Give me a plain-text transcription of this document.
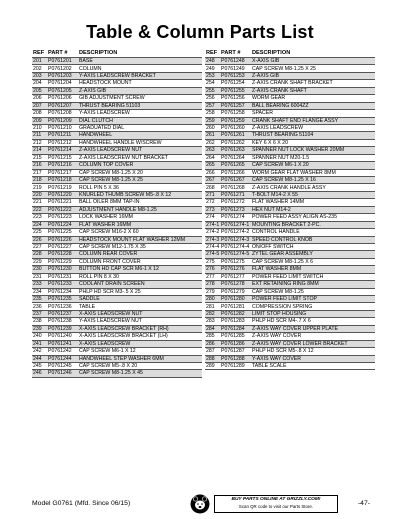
Table & Column Parts List
REF	PART #	DESCRIPTION
201	P0761201	BASE
202	P0761202	COLUMN
203	P0761203	Y-AXIS LEADSCREW BRACKET
204	P0761204	HEADSTOCK MOUNT
205	P0761205	Z-AXIS GIB
206	P0761206	GIB ADJUSTMENT SCREW
207	P0761207	THRUST BEARING 51103
208	P0761208	Y-AXIS LEADSCREW
209	P0761209	DIAL CLUTCH
210	P0761210	GRADUATED DIAL
211	P0761211	HANDWHEEL
212	P0761212	HANDWHEEL HANDLE W/SCREW
214	P0761214	Z-AXIS LEADSCREW NUT
215	P0761215	Z-AXIS LEADSCREW NUT BRACKET
216	P0761216	COLUMN TOP COVER
217	P0761217	CAP SCREW M8-1.25 X 20
218	P0761218	CAP SCREW M8-1.25 X 25
219	P0761219	ROLL PIN 5 X 36
220	P0761220	KNURLED THUMB SCREW M5-.8 X 12
221	P0761221	BALL OILER 8MM TAP-IN
222	P0761222	ADJUSTMENT HANDLE M8-1.25
223	P0761223	LOCK WASHER 16MM
224	P0761224	FLAT WASHER 16MM
225	P0761225	CAP SCREW M16-2 X 60
226	P0761226	HEADSTOCK MOUNT FLAT WASHER 12MM
227	P0761227	CAP SCREW M12-1.75 X 35
228	P0761228	COLUMN REAR COVER
229	P0761229	COLUMN FRONT COVER
230	P0761230	BUTTON HD CAP SCR M6-1 X 12
231	P0761231	ROLL PIN 8 X 30
233	P0761233	COOLANT DRAIN SCREEN
234	P0761234	PHLP HD SCR M3-.5 X 25
235	P0761235	SADDLE
236	P0761236	TABLE
237	P0761237	X-AXIS LEADSCREW NUT
238	P0761238	Y-AXIS LEADSCREW NUT
239	P0761239	X-AXIS LEADSCREW BRACKET (RH)
240	P0761240	X-AXIS LEADSCREW BRACKET (LH)
241	P0761241	X-AXIS LEADSCREW
242	P0761242	CAP SCREW M6-1 X 12
244	P0761244	HANDWHEEL STEP WASHER 6MM
245	P0761245	CAP SCREW M5-.8 X 20
246	P0761246	CAP SCREW M8-1.25 X 45
REF	PART #	DESCRIPTION
248	P0761248	X-AXIS GIB
249	P0761249	CAP SCREW M8-1.25 X 25
253	P0761253	Z-AXIS GIB
254	P0761254	Z-AXIS CRANK SHAFT BRACKET
255	P0761255	Z-AXIS CRANK SHAFT
256	P0761256	WORM GEAR
257	P0761257	BALL BEARING 6004ZZ
258	P0761258	SPACER
259	P0761259	CRANK SHAFT END FLANGE ASSY
260	P0761260	Z-AXIS LEADSCREW
261	P0761261	THRUST BEARING 51104
262	P0761262	KEY 6 X 6 X 20
263	P0761263	SPANNER NUT LOCK WASHER 20MM
264	P0761264	SPANNER NUT M20-1.5
265	P0761265	CAP SCREW M6-1 X 20
266	P0761266	WORM GEAR FLAT WASHER 8MM
267	P0761267	CAP SCREW M8-1.25 X 16
268	P0761268	Z-AXIS CRANK HANDLE ASSY
271	P0761271	T-BOLT M14-2 X 55
272	P0761272	FLAT WASHER 14MM
273	P0761273	HEX NUT M14-2
274	P0761274	POWER FEED ASSY ALIGN AS-235
274-1	P0761274-1	MOUNTING BRACKET 2-PC.
274-2	P0761274-2	CONTROL HANDLE
274-3	P0761274-3	SPEED CONTROL KNOB
274-4	P0761274-4	ON/OFF SWITCH
274-5	P0761274-5	ZYTEL GEAR ASSEMBLY
275	P0761275	CAP SCREW M8-1.25 X 6
276	P0761276	FLAT WASHER 8MM
277	P0761277	POWER FEED LIMIT SWITCH
278	P0761278	EXT RETAINING RING 8MM
279	P0761279	CAP SCREW M8-1.25
280	P0761280	POWER FEED LIMIT STOP
281	P0761281	COMPRESSION SPRING
282	P0761282	LIMIT STOP HOUSING
283	P0761283	PHLP HD SCR M4-.7 X 6
284	P0761284	Z-AXIS WAY COVER UPPER PLATE
285	P0761285	Z-AXIS WAY COVER
286	P0761286	Z-AXIS WAY COVER LOWER BRACKET
287	P0761287	PHLP HD SCR M5-.8 X 12
288	P0761288	Y-AXIS WAY COVER
289	P0761289	TABLE SCALE
Model G0761 (Mfd. Since 06/15)
BUY PARTS ONLINE AT GRIZZLY.COM!
Scan QR code to visit our Parts Store.	-47-
